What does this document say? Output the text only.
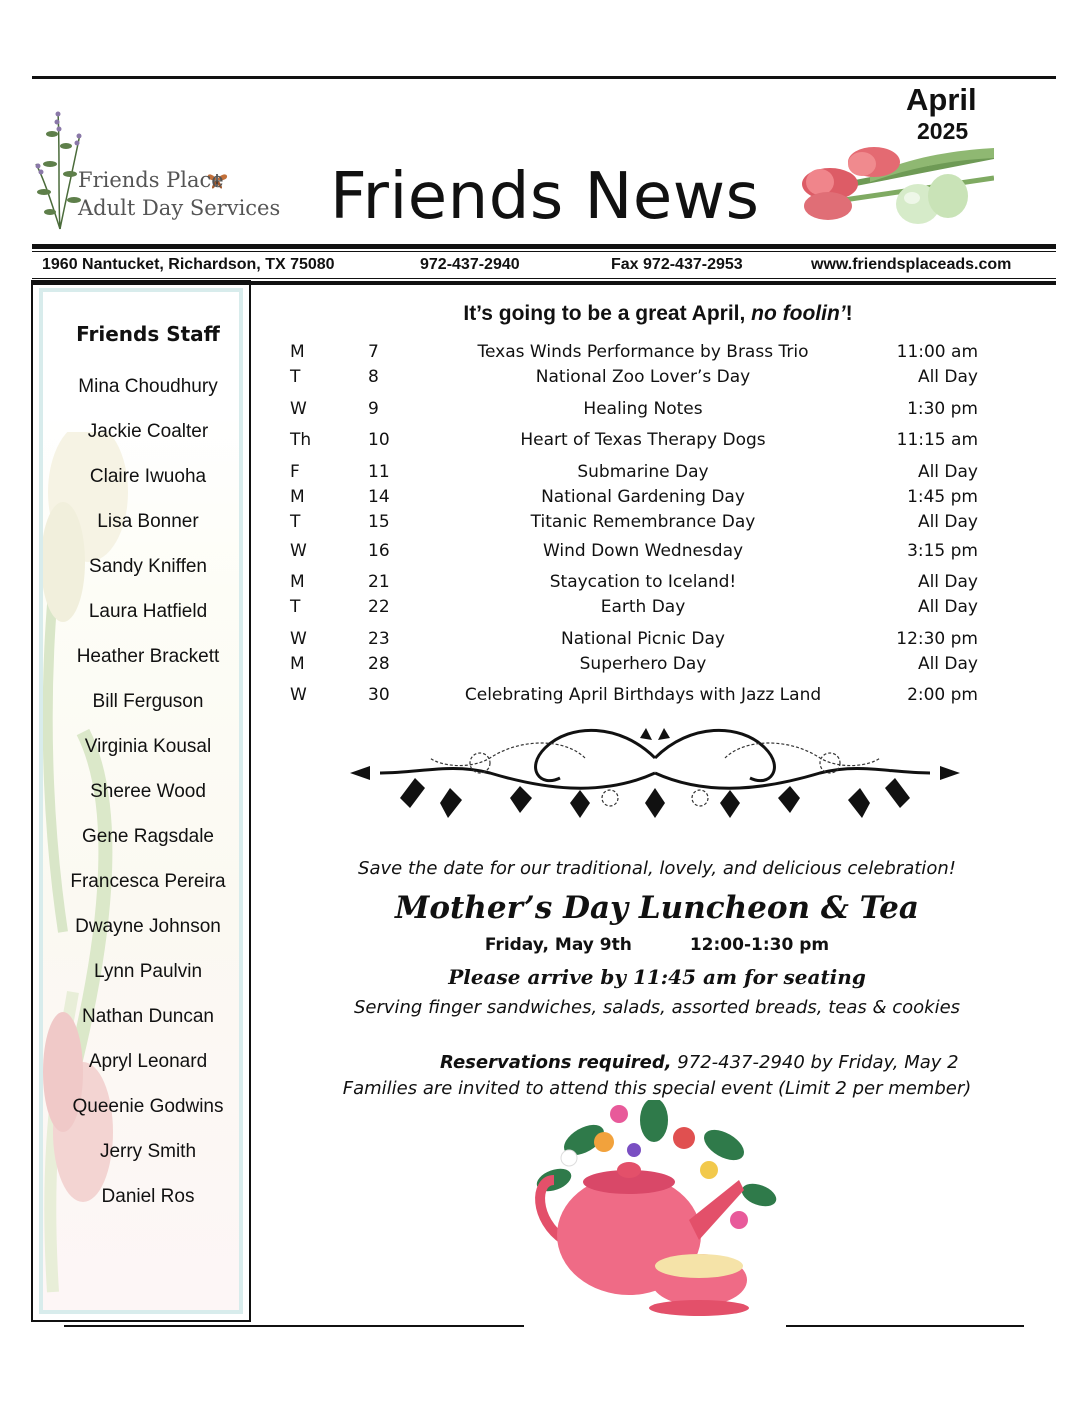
Friends Place
Adult Day Services Friends News
April
2025
1960 Nantucket, Richardson, TX 75080	972-437-2940	Fax 972-437-2953	www.friendsplaceads.com
Friends Staff
Mina Choudhury
Jackie Coalter
Claire Iwuoha
Lisa Bonner
Sandy Kniffen
Laura Hatfield
Heather Brackett
Bill Ferguson
Virginia Kousal
Sheree Wood
Gene Ragsdale
Francesca Pereira
Dwayne Johnson
Lynn Paulvin
Nathan Duncan
Apryl Leonard
Queenie Godwins
Jerry Smith
Daniel Ros
It’s going to be a great April, no foolin’!
M	7	Texas Winds Performance by Brass Trio	11:00 am
T	8	National Zoo Lover’s Day	All Day
W	9	Healing Notes	1:30 pm
Th	10	Heart of Texas Therapy Dogs	11:15 am
F	11	Submarine Day	All Day
M	14	National Gardening Day	1:45 pm
T	15	Titanic Remembrance Day	All Day
W	16	Wind Down Wednesday	3:15 pm
M	21	Staycation to Iceland!	All Day
T	22	Earth Day	All Day
W	23	National Picnic Day	12:30 pm
M	28	Superhero Day	All Day
W	30	Celebrating April Birthdays with Jazz Land	2:00 pm
Save the date for our traditional, lovely, and delicious celebration!
Mother’s Day Luncheon & Tea
Friday, May 9th	12:00-1:30 pm
Please arrive by 11:45 am for seating
Serving finger sandwiches, salads, assorted breads, teas & cookies
Reservations required, 972-437-2940 by Friday, May 2
Families are invited to attend this special event (Limit 2 per member)
